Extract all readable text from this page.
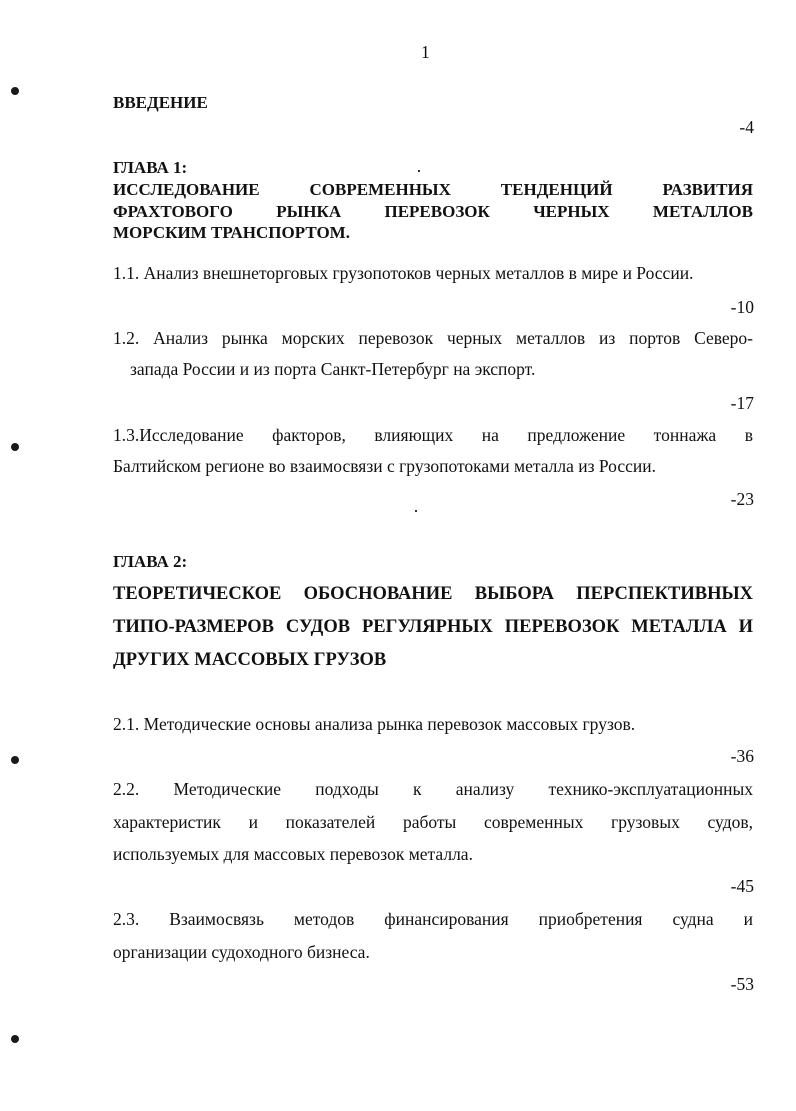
1
ВВЕДЕНИЕ
-4
ГЛАВА 1:
ИССЛЕДОВАНИЕ СОВРЕМЕННЫХ ТЕНДЕНЦИЙ РАЗВИТИЯ
ФРАХТОВОГО РЫНКА ПЕРЕВОЗОК ЧЕРНЫХ МЕТАЛЛОВ
МОРСКИМ ТРАНСПОРТОМ.
1.1. Анализ внешнеторговых грузопотоков черных металлов в мире и России.
-10
1.2. Анализ рынка морских перевозок черных металлов из портов Северо-
запада России и из порта Санкт-Петербург на экспорт.
-17
1.3.Исследование факторов, влияющих на предложение тоннажа в
Балтийском регионе во взаимосвязи с грузопотоками металла из России.
-23
ГЛАВА 2:
ТЕОРЕТИЧЕСКОЕ ОБОСНОВАНИЕ ВЫБОРА ПЕРСПЕКТИВНЫХ
ТИПО-РАЗМЕРОВ СУДОВ РЕГУЛЯРНЫХ ПЕРЕВОЗОК МЕТАЛЛА И
ДРУГИХ МАССОВЫХ ГРУЗОВ
2.1. Методические основы анализа рынка перевозок массовых грузов.
-36
2.2. Методические подходы к анализу технико-эксплуатационных
характеристик и показателей работы современных грузовых судов,
используемых для массовых перевозок металла.
-45
2.3. Взаимосвязь методов финансирования приобретения судна и
организации судоходного бизнеса.
-53
